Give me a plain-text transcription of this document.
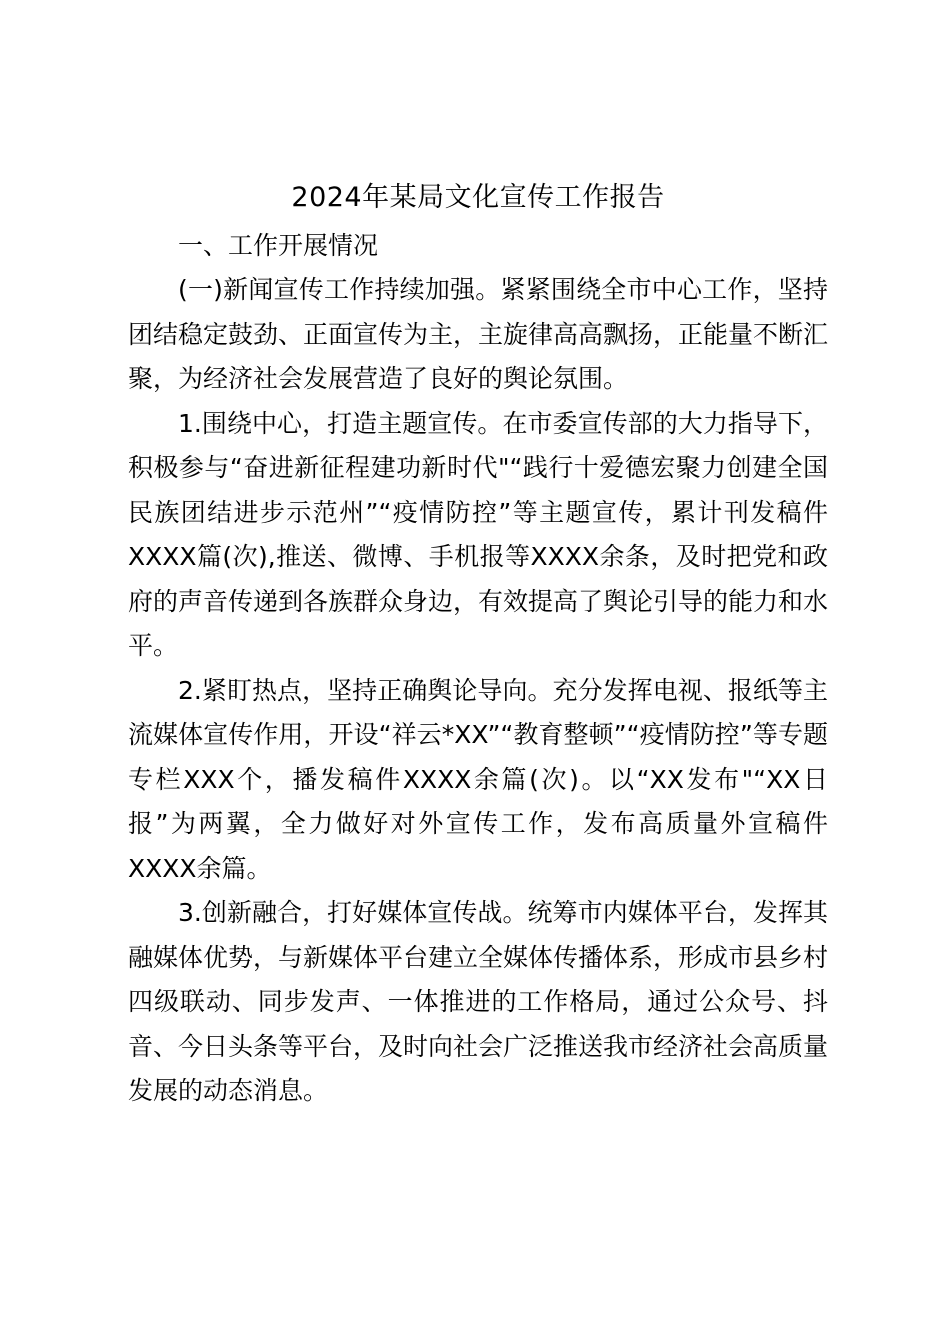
2024年某局文化宣传工作报告

一、工作开展情况

(一)新闻宣传工作持续加强。紧紧围绕全市中心工作，坚持团结稳定鼓劲、正面宣传为主，主旋律高高飘扬，正能量不断汇聚，为经济社会发展营造了良好的舆论氛围。

1.围绕中心，打造主题宣传。在市委宣传部的大力指导下，积极参与“奋进新征程建功新时代"“践行十爱德宏聚力创建全国民族团结进步示范州”“疫情防控”等主题宣传，累计刊发稿件XXXX篇(次),推送、微博、手机报等XXXX余条，及时把党和政府的声音传递到各族群众身边，有效提高了舆论引导的能力和水平。

2.紧盯热点，坚持正确舆论导向。充分发挥电视、报纸等主流媒体宣传作用，开设“祥云*XX”“教育整顿”“疫情防控”等专题专栏XXX个，播发稿件XXXX余篇(次)。以“XX发布"“XX日报”为两翼，全力做好对外宣传工作，发布高质量外宣稿件XXXX余篇。

3.创新融合，打好媒体宣传战。统筹市内媒体平台，发挥其融媒体优势，与新媒体平台建立全媒体传播体系，形成市县乡村四级联动、同步发声、一体推进的工作格局，通过公众号、抖音、今日头条等平台，及时向社会广泛推送我市经济社会高质量发展的动态消息。
